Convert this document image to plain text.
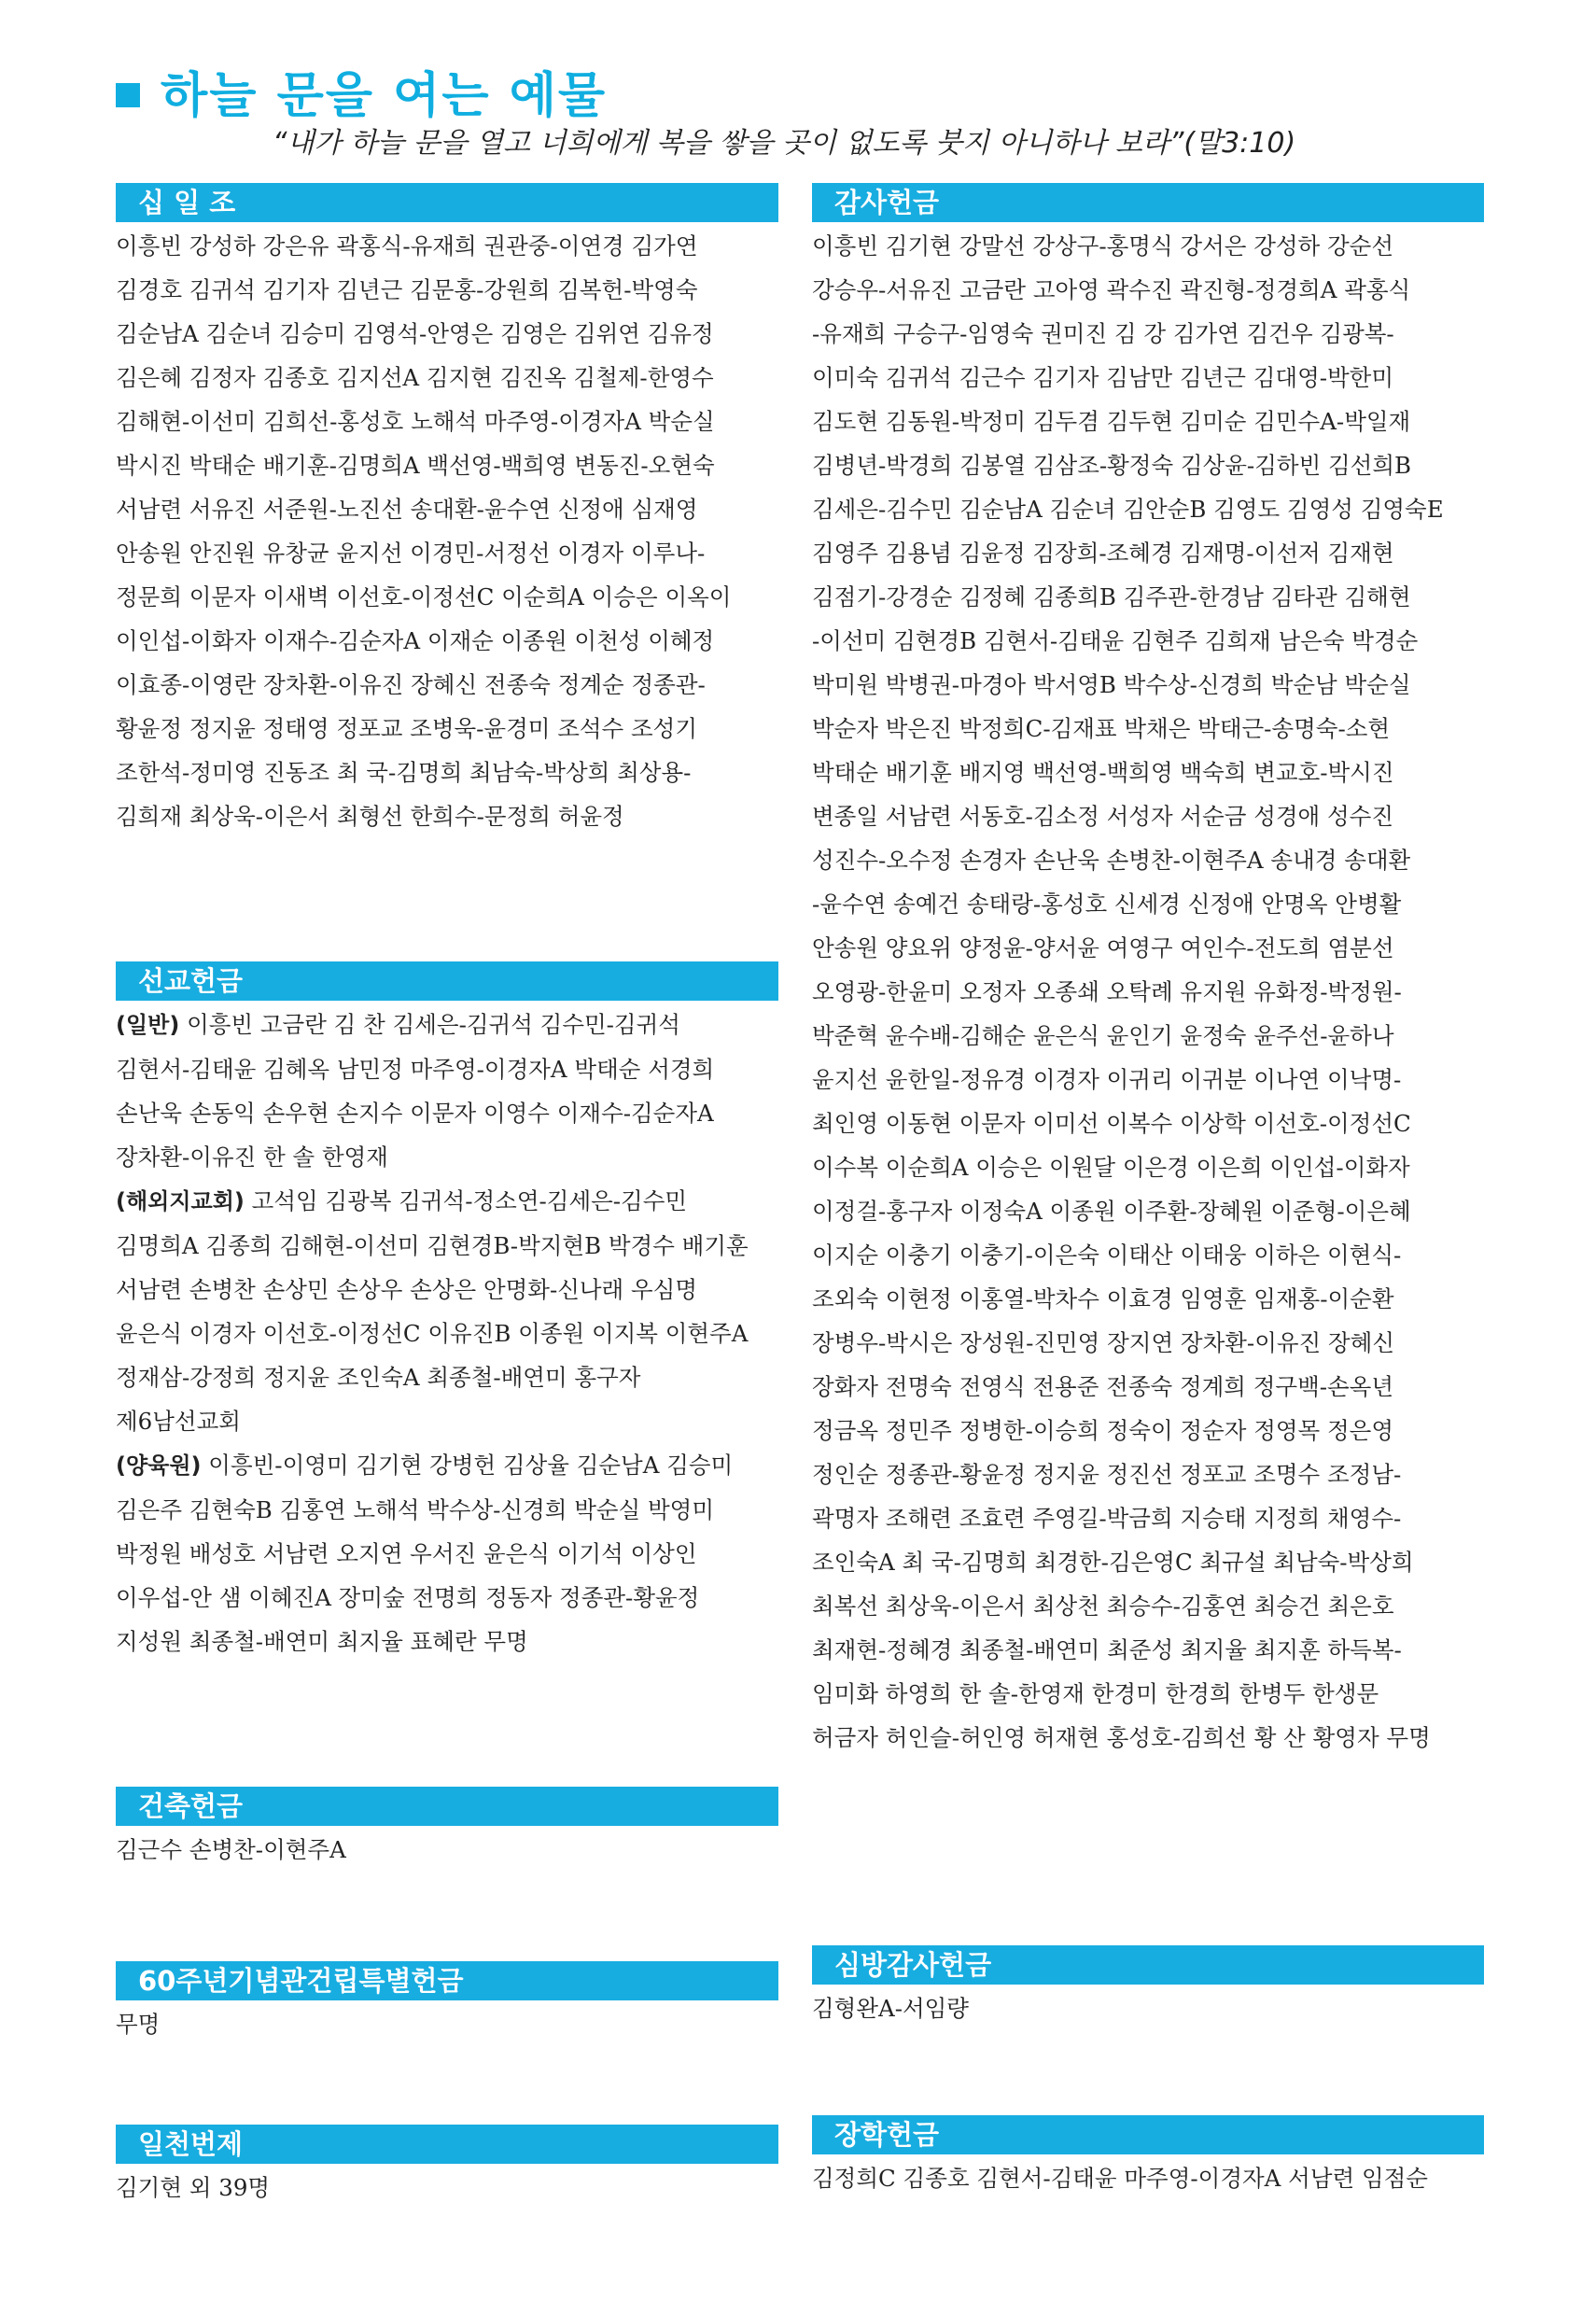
하늘 문을 여는 예물
“내가 하늘 문을 열고 너희에게 복을 쌓을 곳이 없도록 붓지 아니하나 보라”(말3:10)
십 일 조
이흥빈 강성하 강은유 곽홍식-유재희 권관중-이연경 김가연
김경호 김귀석 김기자 김년근 김문홍-강원희 김복헌-박영숙
김순남A 김순녀 김승미 김영석-안영은 김영은 김위연 김유정
김은혜 김정자 김종호 김지선A 김지현 김진옥 김철제-한영수
김해현-이선미 김희선-홍성호 노해석 마주영-이경자A 박순실
박시진 박태순 배기훈-김명희A 백선영-백희영 변동진-오현숙
서남련 서유진 서준원-노진선 송대환-윤수연 신정애 심재영
안송원 안진원 유창균 윤지선 이경민-서정선 이경자 이루나-
정문희 이문자 이새벽 이선호-이정선C 이순희A 이승은 이옥이
이인섭-이화자 이재수-김순자A 이재순 이종원 이천성 이혜정
이효종-이영란 장차환-이유진 장혜신 전종숙 정계순 정종관-
황윤정 정지윤 정태영 정포교 조병욱-윤경미 조석수 조성기
조한석-정미영 진동조 최 국-김명희 최남숙-박상희 최상용-
김희재 최상욱-이은서 최형선 한희수-문정희 허윤정
선교헌금
(일반) 이흥빈 고금란 김 찬 김세은-김귀석 김수민-김귀석
김현서-김태윤 김혜옥 남민정 마주영-이경자A 박태순 서경희
손난욱 손동익 손우현 손지수 이문자 이영수 이재수-김순자A
장차환-이유진 한 솔 한영재
(해외지교회) 고석임 김광복 김귀석-정소연-김세은-김수민
김명희A 김종희 김해현-이선미 김현경B-박지현B 박경수 배기훈
서남련 손병찬 손상민 손상우 손상은 안명화-신나래 우심명
윤은식 이경자 이선호-이정선C 이유진B 이종원 이지복 이현주A
정재삼-강정희 정지윤 조인숙A 최종철-배연미 홍구자
제6남선교회
(양육원) 이흥빈-이영미 김기현 강병헌 김상율 김순남A 김승미
김은주 김현숙B 김홍연 노해석 박수상-신경희 박순실 박영미
박정원 배성호 서남련 오지연 우서진 윤은식 이기석 이상인
이우섭-안 샘 이혜진A 장미숲 전명희 정동자 정종관-황윤정
지성원 최종철-배연미 최지율 표혜란 무명
건축헌금
김근수 손병찬-이현주A
60주년기념관건립특별헌금
무명
일천번제
김기현 외 39명
감사헌금
이흥빈 김기현 강말선 강상구-홍명식 강서은 강성하 강순선
강승우-서유진 고금란 고아영 곽수진 곽진형-정경희A 곽홍식
-유재희 구승구-임영숙 권미진 김 강 김가연 김건우 김광복-
이미숙 김귀석 김근수 김기자 김남만 김년근 김대영-박한미
김도현 김동원-박정미 김두겸 김두현 김미순 김민수A-박일재
김병년-박경희 김봉열 김삼조-황정숙 김상윤-김하빈 김선희B
김세은-김수민 김순남A 김순녀 김안순B 김영도 김영성 김영숙E
김영주 김용념 김윤정 김장희-조혜경 김재명-이선저 김재현
김점기-강경순 김정혜 김종희B 김주관-한경남 김타관 김해현
-이선미 김현경B 김현서-김태윤 김현주 김희재 남은숙 박경순
박미원 박병권-마경아 박서영B 박수상-신경희 박순남 박순실
박순자 박은진 박정희C-김재표 박채은 박태근-송명숙-소현
박태순 배기훈 배지영 백선영-백희영 백숙희 변교호-박시진
변종일 서남련 서동호-김소정 서성자 서순금 성경애 성수진
성진수-오수정 손경자 손난욱 손병찬-이현주A 송내경 송대환
-윤수연 송예건 송태랑-홍성호 신세경 신정애 안명옥 안병활
안송원 양요위 양정윤-양서윤 여영구 여인수-전도희 염분선
오영광-한윤미 오정자 오종쇄 오탁례 유지원 유화정-박정원-
박준혁 윤수배-김해순 윤은식 윤인기 윤정숙 윤주선-윤하나
윤지선 윤한일-정유경 이경자 이귀리 이귀분 이나연 이낙명-
최인영 이동현 이문자 이미선 이복수 이상학 이선호-이정선C
이수복 이순희A 이승은 이원달 이은경 이은희 이인섭-이화자
이정걸-홍구자 이정숙A 이종원 이주환-장혜원 이준형-이은혜
이지순 이충기 이충기-이은숙 이태산 이태웅 이하은 이현식-
조외숙 이현정 이홍열-박차수 이효경 임영훈 임재홍-이순환
장병우-박시은 장성원-진민영 장지연 장차환-이유진 장혜신
장화자 전명숙 전영식 전용준 전종숙 정계희 정구백-손옥년
정금옥 정민주 정병한-이승희 정숙이 정순자 정영목 정은영
정인순 정종관-황윤정 정지윤 정진선 정포교 조명수 조정남-
곽명자 조해련 조효련 주영길-박금희 지승태 지정희 채영수-
조인숙A 최 국-김명희 최경한-김은영C 최규설 최남숙-박상희
최복선 최상욱-이은서 최상천 최승수-김홍연 최승건 최은호
최재현-정혜경 최종철-배연미 최준성 최지율 최지훈 하득복-
임미화 하영희 한 솔-한영재 한경미 한경희 한병두 한생문
허금자 허인슬-허인영 허재현 홍성호-김희선 황 산 황영자 무명
심방감사헌금
김형완A-서임량
장학헌금
김정희C 김종호 김현서-김태윤 마주영-이경자A 서남련 임점순
